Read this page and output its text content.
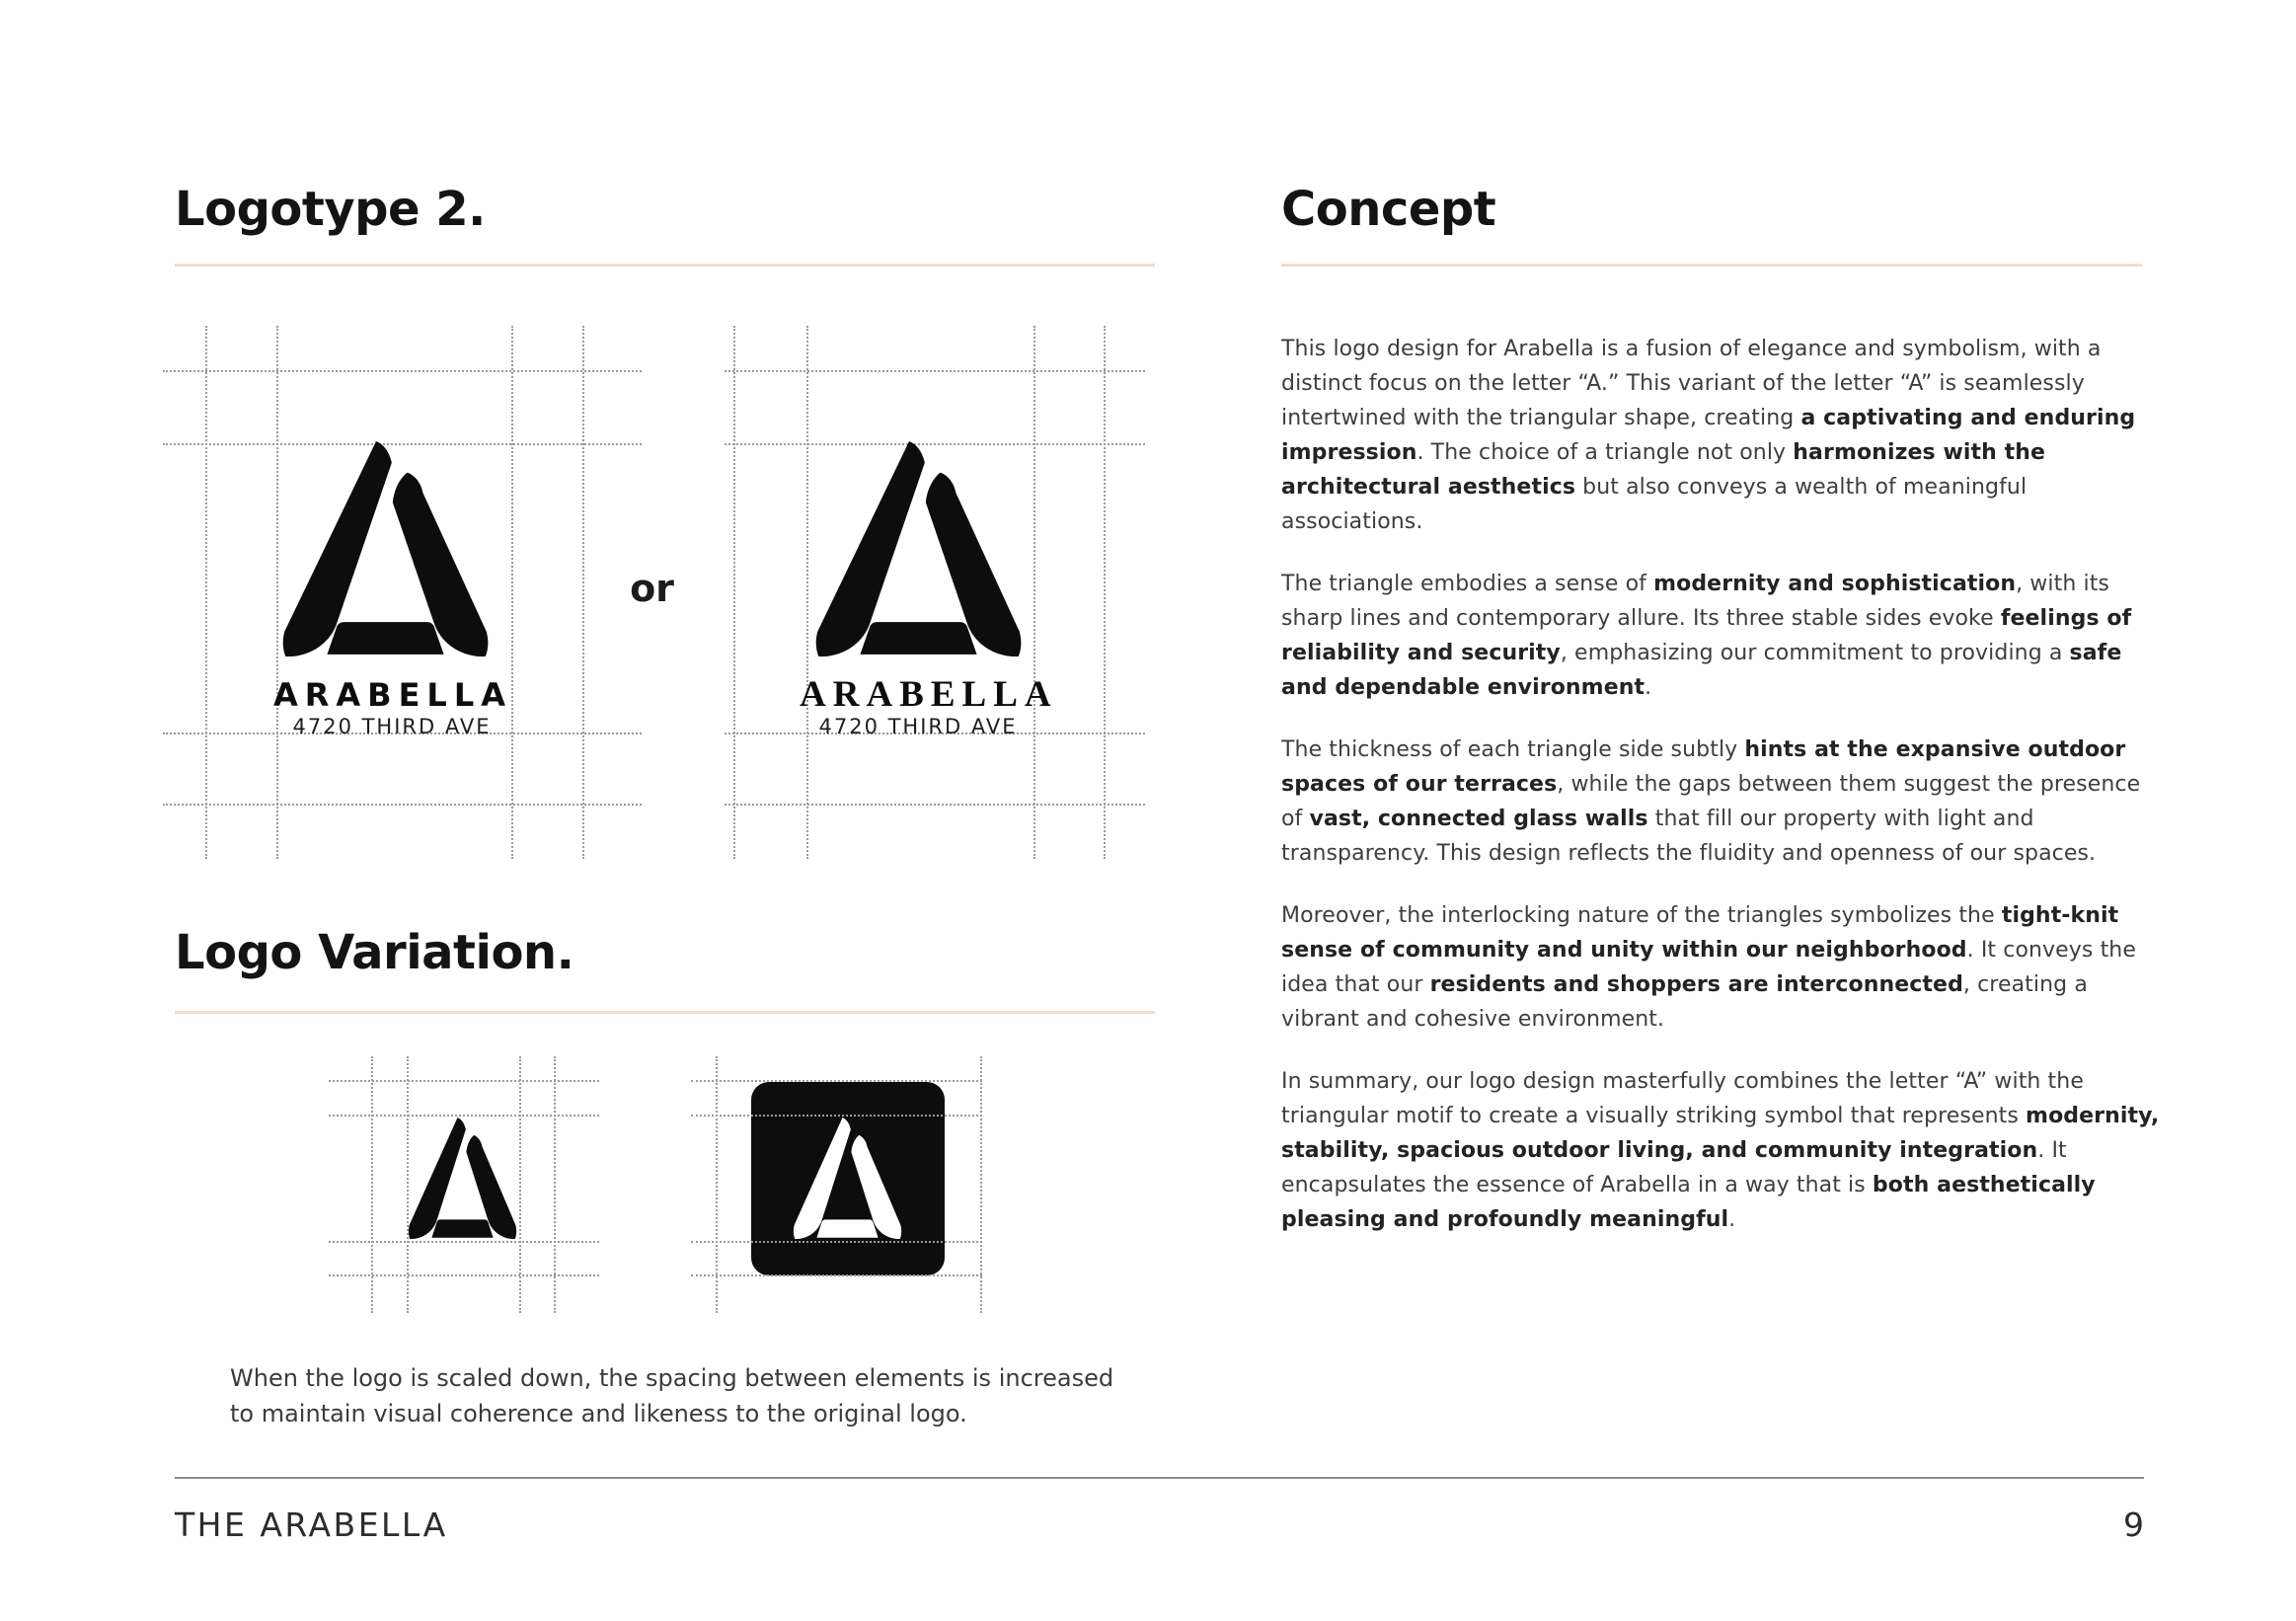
Logotype 2.
ARABELLA
4720 THIRD AVE
or
ARABELLA
4720 THIRD AVE
Logo Variation.
When the logo is scaled down, the spacing between elements is increased to maintain visual coherence and likeness to the original logo.
Concept

This logo design for Arabella is a fusion of elegance and symbolism, with a distinct focus on the letter “A.” This variant of the letter “A” is seamlessly intertwined with the triangular shape, creating a captivating and enduring impression. The choice of a triangle not only harmonizes with the architectural aesthetics but also conveys a wealth of meaningful associations.

The triangle embodies a sense of modernity and sophistication, with its sharp lines and contemporary allure. Its three stable sides evoke feelings of reliability and security, emphasizing our commitment to providing a safe and dependable environment.

The thickness of each triangle side subtly hints at the expansive outdoor spaces of our terraces, while the gaps between them suggest the presence of vast, connected glass walls that fill our property with light and transparency. This design reflects the fluidity and openness of our spaces.

Moreover, the interlocking nature of the triangles symbolizes the tight-knit sense of community and unity within our neighborhood. It conveys the idea that our residents and shoppers are interconnected, creating a vibrant and cohesive environment.

In summary, our logo design masterfully combines the letter “A” with the triangular motif to create a visually striking symbol that represents modernity, stability, spacious outdoor living, and community integration. It encapsulates the essence of Arabella in a way that is both aesthetically pleasing and profoundly meaningful.

THE ARABELLA	9
